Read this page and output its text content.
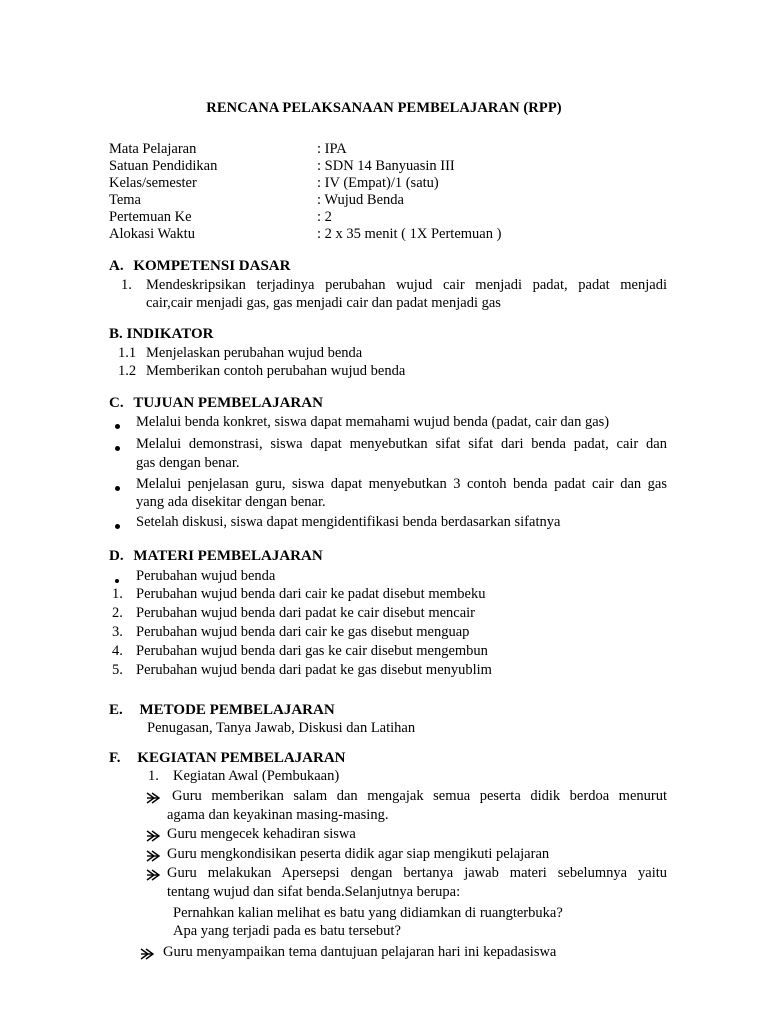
RENCANA PELAKSANAAN PEMBELAJARAN (RPP)
Mata Pelajaran	: IPA
Satuan Pendidikan	: SDN 14 Banyuasin III
Kelas/semester	: IV (Empat)/1 (satu)
Tema	: Wujud Benda
Pertemuan Ke	: 2
Alokasi Waktu	: 2 x 35 menit ( 1X Pertemuan )
A. KOMPETENSI DASAR
1. Mendeskripsikan terjadinya perubahan wujud cair menjadi padat, padat menjadi
cair,cair menjadi gas, gas menjadi cair dan padat menjadi gas
B. INDIKATOR
1.1 Menjelaskan perubahan wujud benda
1.2 Memberikan contoh perubahan wujud benda
C. TUJUAN PEMBELAJARAN
Melalui benda konkret, siswa dapat memahami wujud benda (padat, cair dan gas)
Melalui demonstrasi, siswa dapat menyebutkan sifat sifat dari benda padat, cair dan
gas dengan benar.
Melalui penjelasan guru, siswa dapat menyebutkan 3 contoh benda padat cair dan gas
yang ada disekitar dengan benar.
Setelah diskusi, siswa dapat mengidentifikasi benda berdasarkan sifatnya
D. MATERI PEMBELAJARAN
Perubahan wujud benda
1. Perubahan wujud benda dari cair ke padat disebut membeku
2. Perubahan wujud benda dari padat ke cair disebut mencair
3. Perubahan wujud benda dari cair ke gas disebut menguap
4. Perubahan wujud benda dari gas ke cair disebut mengembun
5. Perubahan wujud benda dari padat ke gas disebut menyublim
E. METODE PEMBELAJARAN
Penugasan, Tanya Jawab, Diskusi dan Latihan
F. KEGIATAN PEMBELAJARAN
1. Kegiatan Awal (Pembukaan)
Guru memberikan salam dan mengajak semua peserta didik berdoa menurut
agama dan keyakinan masing-masing.
Guru mengecek kehadiran siswa
Guru mengkondisikan peserta didik agar siap mengikuti pelajaran
Guru melakukan Apersepsi dengan bertanya jawab materi sebelumnya yaitu
tentang wujud dan sifat benda.Selanjutnya berupa:
Pernahkan kalian melihat es batu yang didiamkan di ruangterbuka?
Apa yang terjadi pada es batu tersebut?
Guru menyampaikan tema dantujuan pelajaran hari ini kepadasiswa
